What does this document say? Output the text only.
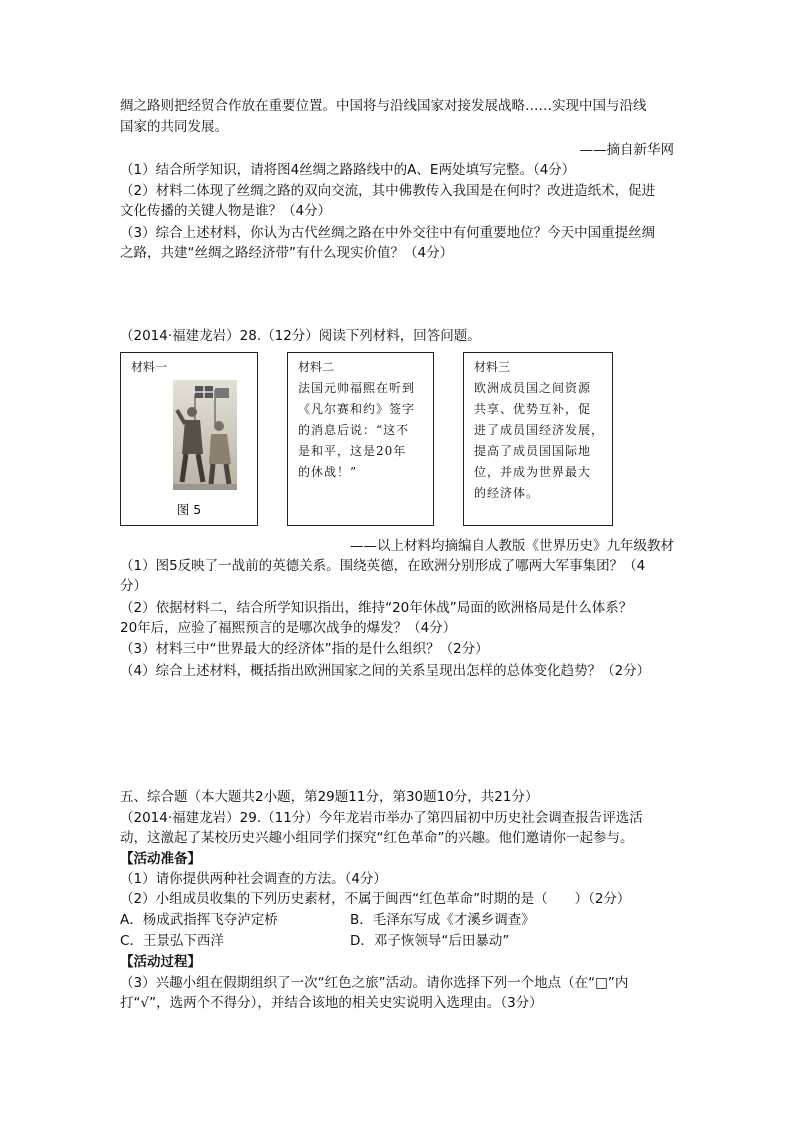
绸之路则把经贸合作放在重要位置。中国将与沿线国家对接发展战略……实现中国与沿线
国家的共同发展。
——摘自新华网
（1）结合所学知识，请将图4丝绸之路路线中的A、E两处填写完整。（4分）
（2）材料二体现了丝绸之路的双向交流，其中佛教传入我国是在何时？改进造纸术，促进
文化传播的关键人物是谁？（4分）
（3）综合上述材料，你认为古代丝绸之路在中外交往中有何重要地位？今天中国重提丝绸
之路，共建“丝绸之路经济带”有什么现实价值？（4分）
（2014·福建龙岩）28.（12分）阅读下列材料，回答问题。
材料一
图 5
材料二
法国元帅福熙在听到
《凡尔赛和约》签字
的消息后说：“这不
是和平，这是20年
的休战！”
材料三
欧洲成员国之间资源
共享、优势互补，促
进了成员国经济发展，
提高了成员国国际地
位，并成为世界最大
的经济体。
——以上材料均摘编自人教版《世界历史》九年级教材
（1）图5反映了一战前的英德关系。围绕英德，在欧洲分别形成了哪两大军事集团？（4
分）
（2）依据材料二，结合所学知识指出，维持“20年休战”局面的欧洲格局是什么体系？
20年后，应验了福熙预言的是哪次战争的爆发？（4分）
（3）材料三中“世界最大的经济体”指的是什么组织？（2分）
（4）综合上述材料，概括指出欧洲国家之间的关系呈现出怎样的总体变化趋势？（2分）
五、综合题（本大题共2小题，第29题11分，第30题10分，共21分）
（2014·福建龙岩）29.（11分）今年龙岩市举办了第四届初中历史社会调查报告评选活
动，这激起了某校历史兴趣小组同学们探究“红色革命”的兴趣。他们邀请你一起参与。
【活动准备】
（1）请你提供两种社会调查的方法。（4分）
（2）小组成员收集的下列历史素材，不属于闽西“红色革命”时期的是（　　）（2分）
A．杨成武指挥飞夺泸定桥	B．毛泽东写成《才溪乡调查》
C．王景弘下西洋	D．邓子恢领导“后田暴动”
【活动过程】
（3）兴趣小组在假期组织了一次“红色之旅”活动。请你选择下列一个地点（在“□”内
打“√”，选两个不得分），并结合该地的相关史实说明入选理由。（3分）
